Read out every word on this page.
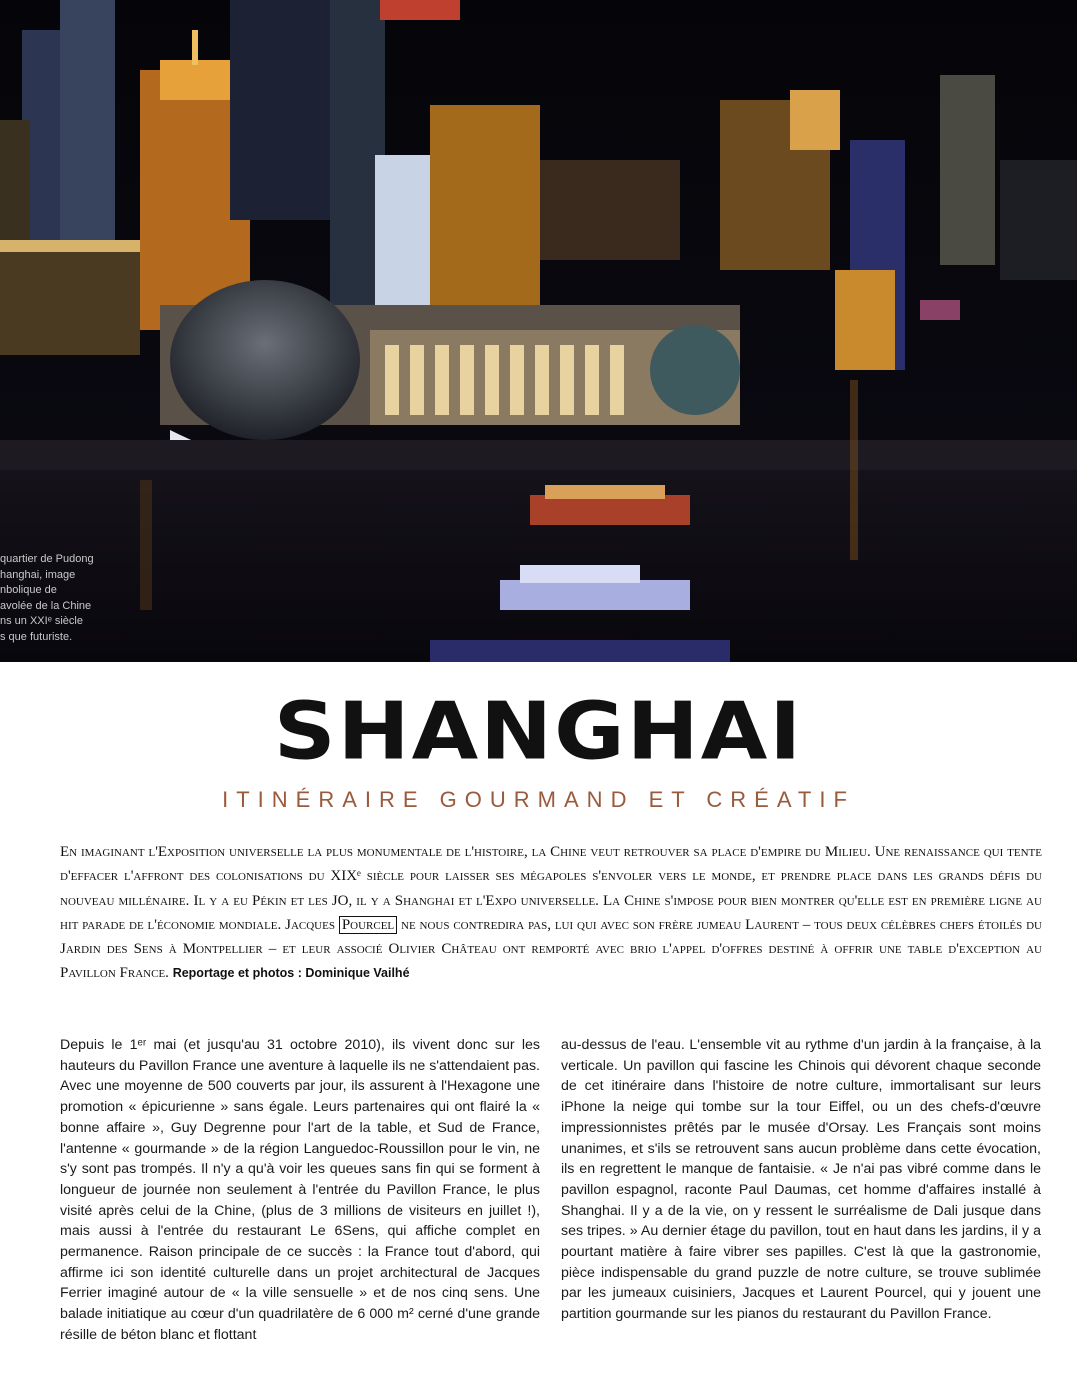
quartier de Pudong
hanghai, image
nbolique de
avolée de la Chine
ns un XXIᵉ siècle
s que futuriste.
SHANGHAI
ITINÉRAIRE GOURMAND ET CRÉATIF
En imaginant l'Exposition universelle la plus monumentale de l'histoire, la Chine veut retrouver sa place d'empire du Milieu. Une renaissance qui tente d'effacer l'affront des colonisations du XIXᵉ siècle pour laisser ses mégapoles s'envoler vers le monde, et prendre place dans les grands défis du nouveau millénaire. Il y a eu Pékin et les JO, il y a Shanghai et l'Expo universelle. La Chine s'impose pour bien montrer qu'elle est en première ligne au hit parade de l'économie mondiale. Jacques Pourcel ne nous contredira pas, lui qui avec son frère jumeau Laurent – tous deux célèbres chefs étoilés du Jardin des Sens à Montpellier – et leur associé Olivier Château ont remporté avec brio l'appel d'offres destiné à offrir une table d'exception au Pavillon France. Reportage et photos : Dominique Vailhé
Depuis le 1ᵉʳ mai (et jusqu'au 31 octobre 2010), ils vivent donc sur les hauteurs du Pavillon France une aventure à laquelle ils ne s'attendaient pas. Avec une moyenne de 500 couverts par jour, ils assurent à l'Hexagone une promotion « épicurienne » sans égale. Leurs partenaires qui ont flairé la « bonne affaire », Guy Degrenne pour l'art de la table, et Sud de France, l'antenne « gourmande » de la région Languedoc-Roussillon pour le vin, ne s'y sont pas trompés. Il n'y a qu'à voir les queues sans fin qui se forment à longueur de journée non seulement à l'entrée du Pavillon France, le plus visité après celui de la Chine, (plus de 3 millions de visiteurs en juillet !), mais aussi à l'entrée du restaurant Le 6Sens, qui affiche complet en permanence. Raison principale de ce succès : la France tout d'abord, qui affirme ici son identité culturelle dans un projet architectural de Jacques Ferrier imaginé autour de « la ville sensuelle » et de nos cinq sens. Une balade initiatique au cœur d'un quadrilatère de 6 000 m² cerné d'une grande résille de béton blanc et flottant
au-dessus de l'eau. L'ensemble vit au rythme d'un jardin à la française, à la verticale. Un pavillon qui fascine les Chinois qui dévorent chaque seconde de cet itinéraire dans l'histoire de notre culture, immortalisant sur leurs iPhone la neige qui tombe sur la tour Eiffel, ou un des chefs-d'œuvre impressionnistes prêtés par le musée d'Orsay. Les Français sont moins unanimes, et s'ils se retrouvent sans aucun problème dans cette évocation, ils en regrettent le manque de fantaisie. « Je n'ai pas vibré comme dans le pavillon espagnol, raconte Paul Daumas, cet homme d'affaires installé à Shanghai. Il y a de la vie, on y ressent le surréalisme de Dali jusque dans ses tripes. » Au dernier étage du pavillon, tout en haut dans les jardins, il y a pourtant matière à faire vibrer ses papilles. C'est là que la gastronomie, pièce indispensable du grand puzzle de notre culture, se trouve sublimée par les jumeaux cuisiniers, Jacques et Laurent Pourcel, qui y jouent une partition gourmande sur les pianos du restaurant du Pavillon France.
